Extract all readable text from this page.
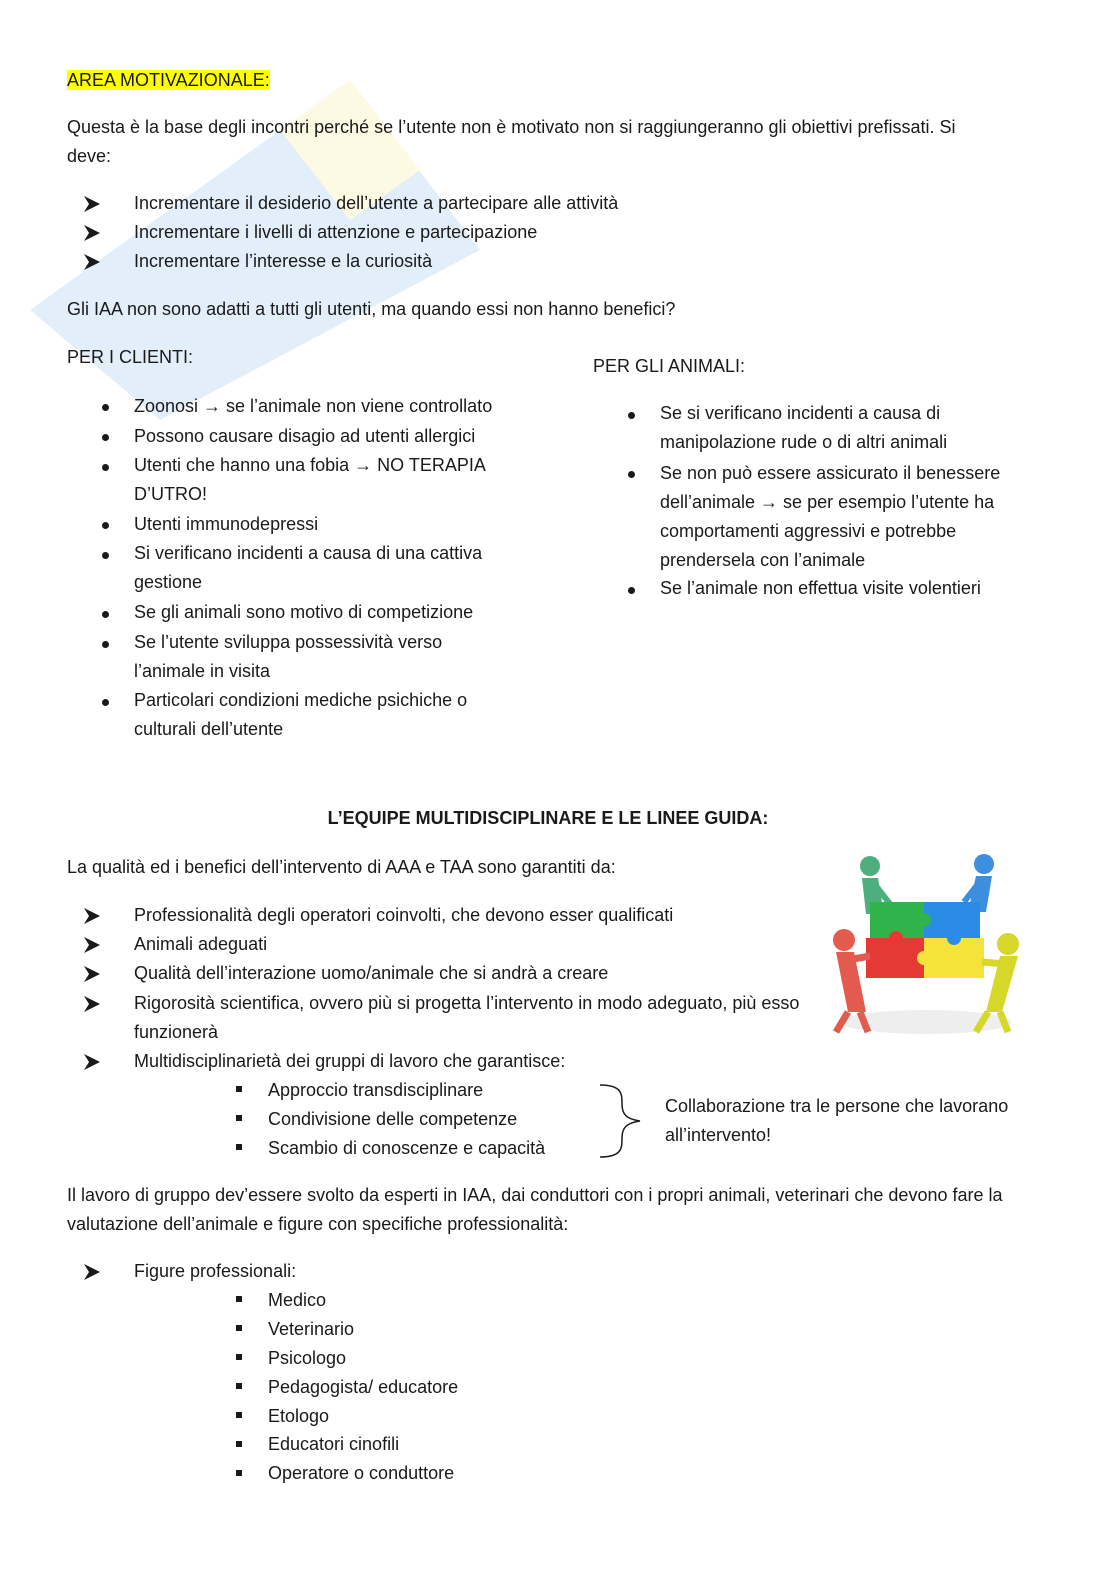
AREA MOTIVAZIONALE:
Questa è la base degli incontri perché se l’utente non è motivato non si raggiungeranno gli obiettivi prefissati. Si
deve:
Incrementare il desiderio dell’utente a partecipare alle attività
Incrementare i livelli di attenzione e partecipazione
Incrementare l’interesse e la curiosità
Gli IAA non sono adatti a tutti gli utenti, ma quando essi non hanno benefici?
PER I CLIENTI:
Zoonosi → se l’animale non viene controllato
Possono causare disagio ad utenti allergici
Utenti che hanno una fobia → NO TERAPIA D’UTRO!
Utenti immunodepressi
Si verificano incidenti a causa di una cattiva gestione
Se gli animali sono motivo di competizione
Se l’utente sviluppa possessività verso l’animale in visita
Particolari condizioni mediche psichiche o culturali dell’utente
PER GLI ANIMALI:
Se si verificano incidenti a causa di manipolazione rude o di altri animali
Se non può essere assicurato il benessere dell’animale → se per esempio l’utente ha comportamenti aggressivi e potrebbe prendersela con l’animale
Se l’animale non effettua visite volentieri
L’EQUIPE MULTIDISCIPLINARE E LE LINEE GUIDA:
La qualità ed i benefici dell’intervento di AAA e TAA sono garantiti da:
Professionalità degli operatori coinvolti, che devono esser qualificati
Animali adeguati
Qualità dell’interazione uomo/animale che si andrà a creare
Rigorosità scientifica, ovvero più si progetta l’intervento in modo adeguato, più esso funzionerà
Multidisciplinarietà dei gruppi di lavoro che garantisce:
Approccio transdisciplinare
Condivisione delle competenze
Scambio di conoscenze e capacità
Collaborazione tra le persone che lavorano all’intervento!
Il lavoro di gruppo dev’essere svolto da esperti in IAA, dai conduttori con i propri animali, veterinari che devono fare la valutazione dell’animale e figure con specifiche professionalità:
Figure professionali:
Medico
Veterinario
Psicologo
Pedagogista/ educatore
Etologo
Educatori cinofili
Operatore o conduttore
